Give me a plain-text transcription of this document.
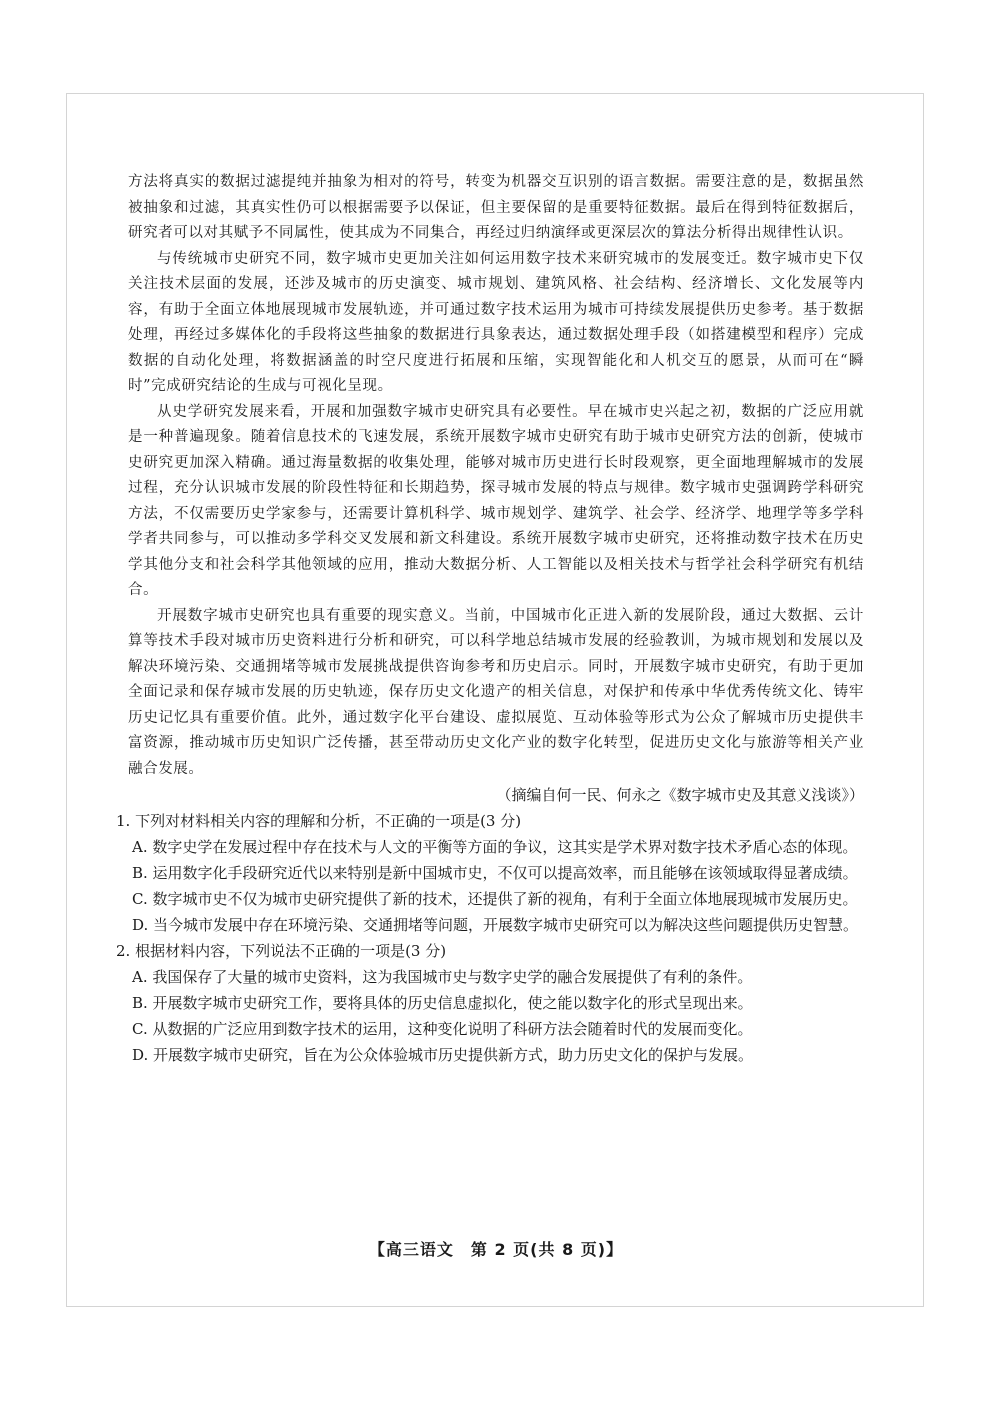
方法将真实的数据过滤提纯并抽象为相对的符号，转变为机器交互识别的语言数据。需要注意的是，数据虽然被抽象和过滤，其真实性仍可以根据需要予以保证，但主要保留的是重要特征数据。最后在得到特征数据后，研究者可以对其赋予不同属性，使其成为不同集合，再经过归纳演绎或更深层次的算法分析得出规律性认识。

与传统城市史研究不同，数字城市史更加关注如何运用数字技术来研究城市的发展变迁。数字城市史下仅关注技术层面的发展，还涉及城市的历史演变、城市规划、建筑风格、社会结构、经济增长、文化发展等内容，有助于全面立体地展现城市发展轨迹，并可通过数字技术运用为城市可持续发展提供历史参考。基于数据处理，再经过多媒体化的手段将这些抽象的数据进行具象表达，通过数据处理手段（如搭建模型和程序）完成数据的自动化处理，将数据涵盖的时空尺度进行拓展和压缩，实现智能化和人机交互的愿景，从而可在“瞬时”完成研究结论的生成与可视化呈现。

从史学研究发展来看，开展和加强数字城市史研究具有必要性。早在城市史兴起之初，数据的广泛应用就是一种普遍现象。随着信息技术的飞速发展，系统开展数字城市史研究有助于城市史研究方法的创新，使城市史研究更加深入精确。通过海量数据的收集处理，能够对城市历史进行长时段观察，更全面地理解城市的发展过程，充分认识城市发展的阶段性特征和长期趋势，探寻城市发展的特点与规律。数字城市史强调跨学科研究方法，不仅需要历史学家参与，还需要计算机科学、城市规划学、建筑学、社会学、经济学、地理学等多学科学者共同参与，可以推动多学科交叉发展和新文科建设。系统开展数字城市史研究，还将推动数字技术在历史学其他分支和社会科学其他领域的应用，推动大数据分析、人工智能以及相关技术与哲学社会科学研究有机结合。

开展数字城市史研究也具有重要的现实意义。当前，中国城市化正进入新的发展阶段，通过大数据、云计算等技术手段对城市历史资料进行分析和研究，可以科学地总结城市发展的经验教训，为城市规划和发展以及解决环境污染、交通拥堵等城市发展挑战提供咨询参考和历史启示。同时，开展数字城市史研究，有助于更加全面记录和保存城市发展的历史轨迹，保存历史文化遗产的相关信息，对保护和传承中华优秀传统文化、铸牢历史记忆具有重要价值。此外，通过数字化平台建设、虚拟展览、互动体验等形式为公众了解城市历史提供丰富资源，推动城市历史知识广泛传播，甚至带动历史文化产业的数字化转型，促进历史文化与旅游等相关产业融合发展。

（摘编自何一民、何永之《数字城市史及其意义浅谈》）

1. 下列对材料相关内容的理解和分析，不正确的一项是(3 分)

A. 数字史学在发展过程中存在技术与人文的平衡等方面的争议，这其实是学术界对数字技术矛盾心态的体现。

B. 运用数字化手段研究近代以来特别是新中国城市史，不仅可以提高效率，而且能够在该领域取得显著成绩。

C. 数字城市史不仅为城市史研究提供了新的技术，还提供了新的视角，有利于全面立体地展现城市发展历史。

D. 当今城市发展中存在环境污染、交通拥堵等问题，开展数字城市史研究可以为解决这些问题提供历史智慧。

2. 根据材料内容，下列说法不正确的一项是(3 分)

A. 我国保存了大量的城市史资料，这为我国城市史与数字史学的融合发展提供了有利的条件。

B. 开展数字城市史研究工作，要将具体的历史信息虚拟化，使之能以数字化的形式呈现出来。

C. 从数据的广泛应用到数字技术的运用，这种变化说明了科研方法会随着时代的发展而变化。

D. 开展数字城市史研究，旨在为公众体验城市历史提供新方式，助力历史文化的保护与发展。

【高三语文　第 2 页(共 8 页)】
